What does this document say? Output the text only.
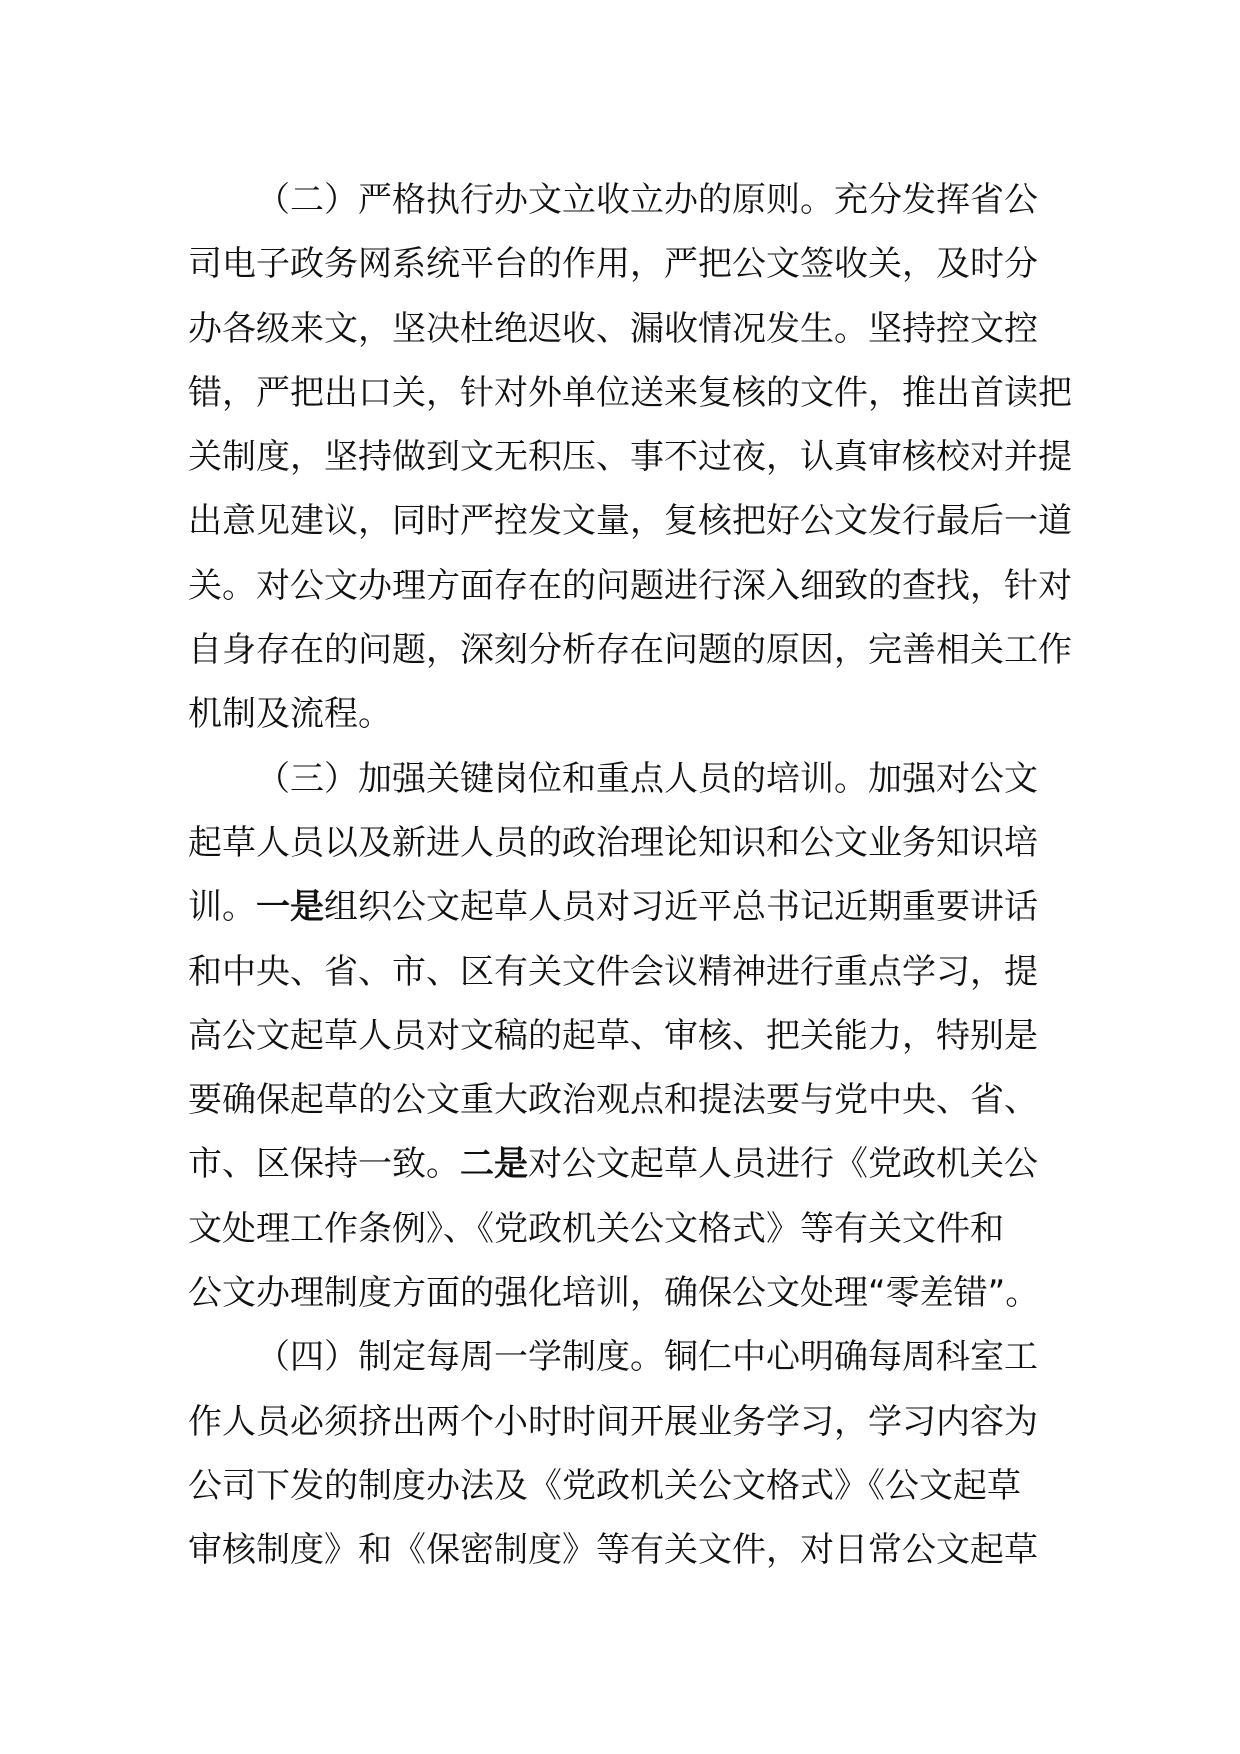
（二）严格执行办文立收立办的原则。充分发挥省公
司电子政务网系统平台的作用，严把公文签收关，及时分
办各级来文，坚决杜绝迟收、漏收情况发生。坚持控文控
错，严把出口关，针对外单位送来复核的文件，推出首读把
关制度，坚持做到文无积压、事不过夜，认真审核校对并提
出意见建议，同时严控发文量，复核把好公文发行最后一道
关。对公文办理方面存在的问题进行深入细致的查找，针对
自身存在的问题，深刻分析存在问题的原因，完善相关工作
机制及流程。
（三）加强关键岗位和重点人员的培训。加强对公文
起草人员以及新进人员的政治理论知识和公文业务知识培
训。一是组织公文起草人员对习近平总书记近期重要讲话
和中央、省、市、区有关文件会议精神进行重点学习，提
高公文起草人员对文稿的起草、审核、把关能力，特别是
要确保起草的公文重大政治观点和提法要与党中央、省、
市、区保持一致。二是对公文起草人员进行《党政机关公
文处理工作条例》、《党政机关公文格式》等有关文件和
公文办理制度方面的强化培训，确保公文处理“零差错”。
（四）制定每周一学制度。铜仁中心明确每周科室工
作人员必须挤出两个小时时间开展业务学习，学习内容为
公司下发的制度办法及《党政机关公文格式》《公文起草
审核制度》和《保密制度》等有关文件，对日常公文起草
